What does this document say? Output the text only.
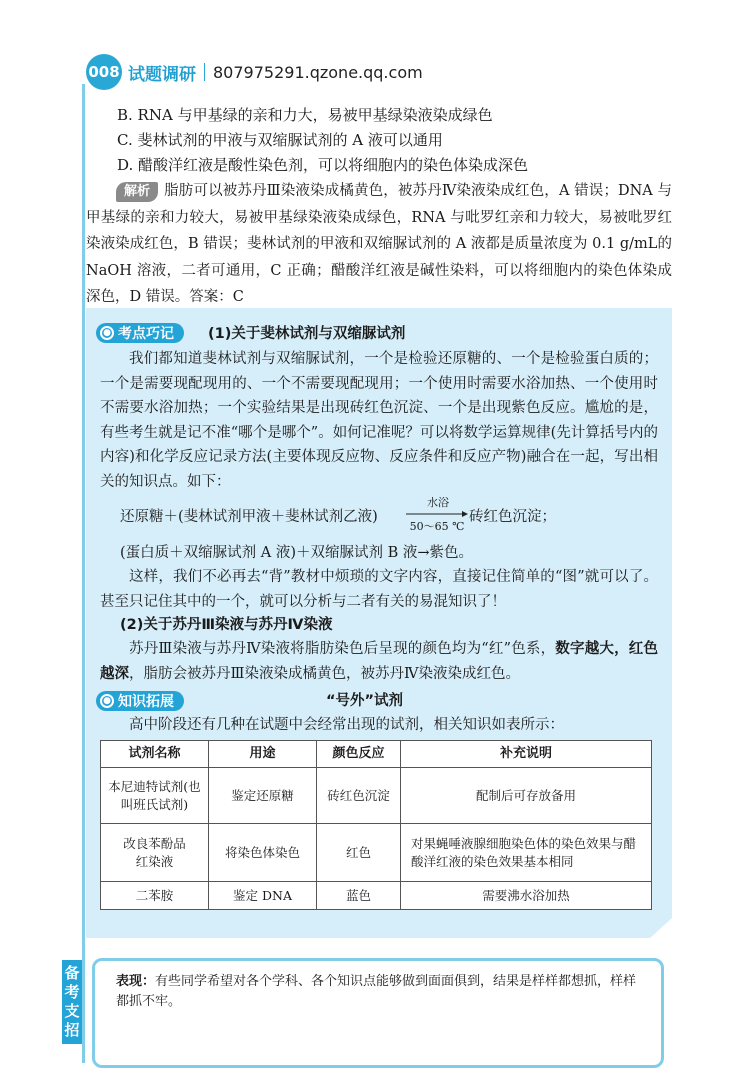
008 试题调研 807975291.qzone.qq.com
B. RNA 与甲基绿的亲和力大，易被甲基绿染液染成绿色
C. 斐林试剂的甲液与双缩脲试剂的 A 液可以通用
D. 醋酸洋红液是酸性染色剂，可以将细胞内的染色体染成深色
解析 脂肪可以被苏丹Ⅲ染液染成橘黄色，被苏丹Ⅳ染液染成红色，A 错误；DNA 与甲基绿的亲和力较大，易被甲基绿染液染成绿色，RNA 与吡罗红亲和力较大，易被吡罗红染液染成红色，B 错误；斐林试剂的甲液和双缩脲试剂的 A 液都是质量浓度为 0.1 g/mL的 NaOH 溶液，二者可通用，C 正确；醋酸洋红液是碱性染料，可以将细胞内的染色体染成深色，D 错误。答案：C
● 考点巧记 (1)关于斐林试剂与双缩脲试剂
我们都知道斐林试剂与双缩脲试剂，一个是检验还原糖的、一个是检验蛋白质的；一个是需要现配现用的、一个不需要现配现用；一个使用时需要水浴加热、一个使用时不需要水浴加热；一个实验结果是出现砖红色沉淀、一个是出现紫色反应。尴尬的是，有些考生就是记不准“哪个是哪个”。如何记准呢？可以将数学运算规律(先计算括号内的内容)和化学反应记录方法(主要体现反应物、反应条件和反应产物)融合在一起，写出相关的知识点。如下：
还原糖＋(斐林试剂甲液＋斐林试剂乙液)
水浴
50～65 ℃
砖红色沉淀；
(蛋白质＋双缩脲试剂 A 液)＋双缩脲试剂 B 液→紫色。
这样，我们不必再去“背”教材中烦琐的文字内容，直接记住简单的“图”就可以了。甚至只记住其中的一个，就可以分析与二者有关的易混知识了！
(2)关于苏丹Ⅲ染液与苏丹Ⅳ染液
苏丹Ⅲ染液与苏丹Ⅳ染液将脂肪染色后呈现的颜色均为“红”色系，数字越大，红色越深，脂肪会被苏丹Ⅲ染液染成橘黄色，被苏丹Ⅳ染液染成红色。
● 知识拓展	“号外”试剂
高中阶段还有几种在试题中会经常出现的试剂，相关知识如表所示：
试剂名称	用途	颜色反应	补充说明
本尼迪特试剂(也叫班氏试剂)	鉴定还原糖	砖红色沉淀	配制后可存放备用
改良苯酚品红染液	将染色体染色	红色	对果蝇唾液腺细胞染色体的染色效果与醋酸洋红液的染色效果基本相同
二苯胺	鉴定 DNA	蓝色	需要沸水浴加热
备考支招
表现：有些同学希望对各个学科、各个知识点能够做到面面俱到，结果是样样都想抓，样样都抓不牢。
